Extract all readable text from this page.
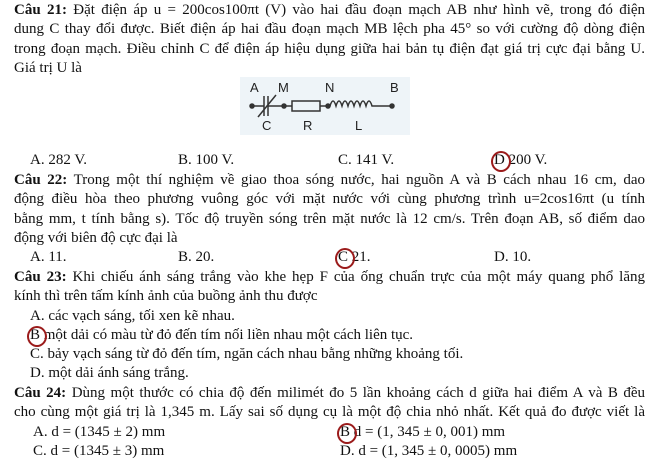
Câu 21: Đặt điện áp u = 200cos100πt (V) vào hai đầu đoạn mạch AB như hình vẽ, trong đó điện
dung C thay đổi được. Biết điện áp hai đầu đoạn mạch MB lệch pha 45° so với cường độ dòng điện
trong đoạn mạch. Điều chỉnh C để điện áp hiệu dụng giữa hai bản tụ điện đạt giá trị cực đại bằng U.
Giá trị U là
A M	N	B
C R	L
A. 282 V.	B. 100 V.	C. 141 V.	D 200 V.
Câu 22: Trong một thí nghiệm về giao thoa sóng nước, hai nguồn A và B cách nhau 16 cm, dao
động điều hòa theo phương vuông góc với mặt nước với cùng phương trình u=2cos16πt (u tính
bằng mm, t tính bằng s). Tốc độ truyền sóng trên mặt nước là 12 cm/s. Trên đoạn AB, số điểm dao
động với biên độ cực đại là
A. 11.	B. 20.	C 21.	D. 10.
Câu 23: Khi chiếu ánh sáng trắng vào khe hẹp F của ống chuẩn trực của một máy quang phổ lăng
kính thì trên tấm kính ảnh của buồng ảnh thu được
A. các vạch sáng, tối xen kẽ nhau.
B một dải có màu từ đỏ đến tím nối liền nhau một cách liên tục.
C. bảy vạch sáng từ đỏ đến tím, ngăn cách nhau bằng những khoảng tối.
D. một dải ánh sáng trắng.
Câu 24: Dùng một thước có chia độ đến milimét đo 5 lần khoảng cách d giữa hai điểm A và B đều
cho cùng một giá trị là 1,345 m. Lấy sai số dụng cụ là một độ chia nhỏ nhất. Kết quả đo được viết là
A. d = (1345 ± 2) mm	B d = (1, 345 ± 0, 001) mm
C. d = (1345 ± 3) mm	D. d = (1, 345 ± 0, 0005) mm
